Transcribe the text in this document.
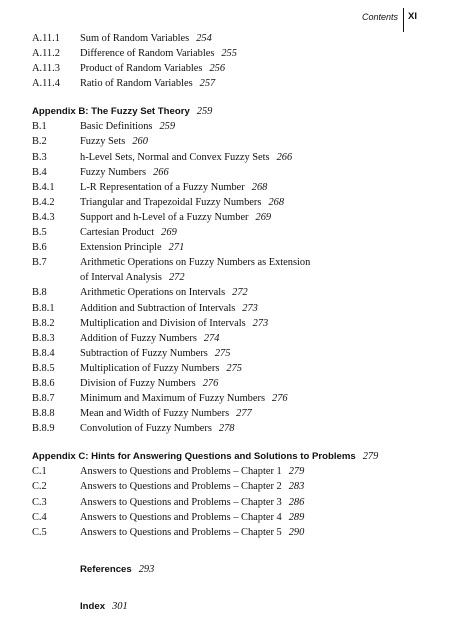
Contents XI
A.11.1	Sum of Random Variables 254
A.11.2	Difference of Random Variables 255
A.11.3	Product of Random Variables 256
A.11.4	Ratio of Random Variables 257
Appendix B: The Fuzzy Set Theory 259
B.1	Basic Definitions 259
B.2	Fuzzy Sets 260
B.3	h-Level Sets, Normal and Convex Fuzzy Sets 266
B.4	Fuzzy Numbers 266
B.4.1	L-R Representation of a Fuzzy Number 268
B.4.2	Triangular and Trapezoidal Fuzzy Numbers 268
B.4.3	Support and h-Level of a Fuzzy Number 269
B.5	Cartesian Product 269
B.6	Extension Principle 271
B.7	Arithmetic Operations on Fuzzy Numbers as Extension
of Interval Analysis 272
B.8	Arithmetic Operations on Intervals 272
B.8.1	Addition and Subtraction of Intervals 273
B.8.2	Multiplication and Division of Intervals 273
B.8.3	Addition of Fuzzy Numbers 274
B.8.4	Subtraction of Fuzzy Numbers 275
B.8.5	Multiplication of Fuzzy Numbers 275
B.8.6	Division of Fuzzy Numbers 276
B.8.7	Minimum and Maximum of Fuzzy Numbers 276
B.8.8	Mean and Width of Fuzzy Numbers 277
B.8.9	Convolution of Fuzzy Numbers 278
Appendix C: Hints for Answering Questions and Solutions to Problems 279
C.1	Answers to Questions and Problems – Chapter 1 279
C.2	Answers to Questions and Problems – Chapter 2 283
C.3	Answers to Questions and Problems – Chapter 3 286
C.4	Answers to Questions and Problems – Chapter 4 289
C.5	Answers to Questions and Problems – Chapter 5 290
References 293
Index 301
